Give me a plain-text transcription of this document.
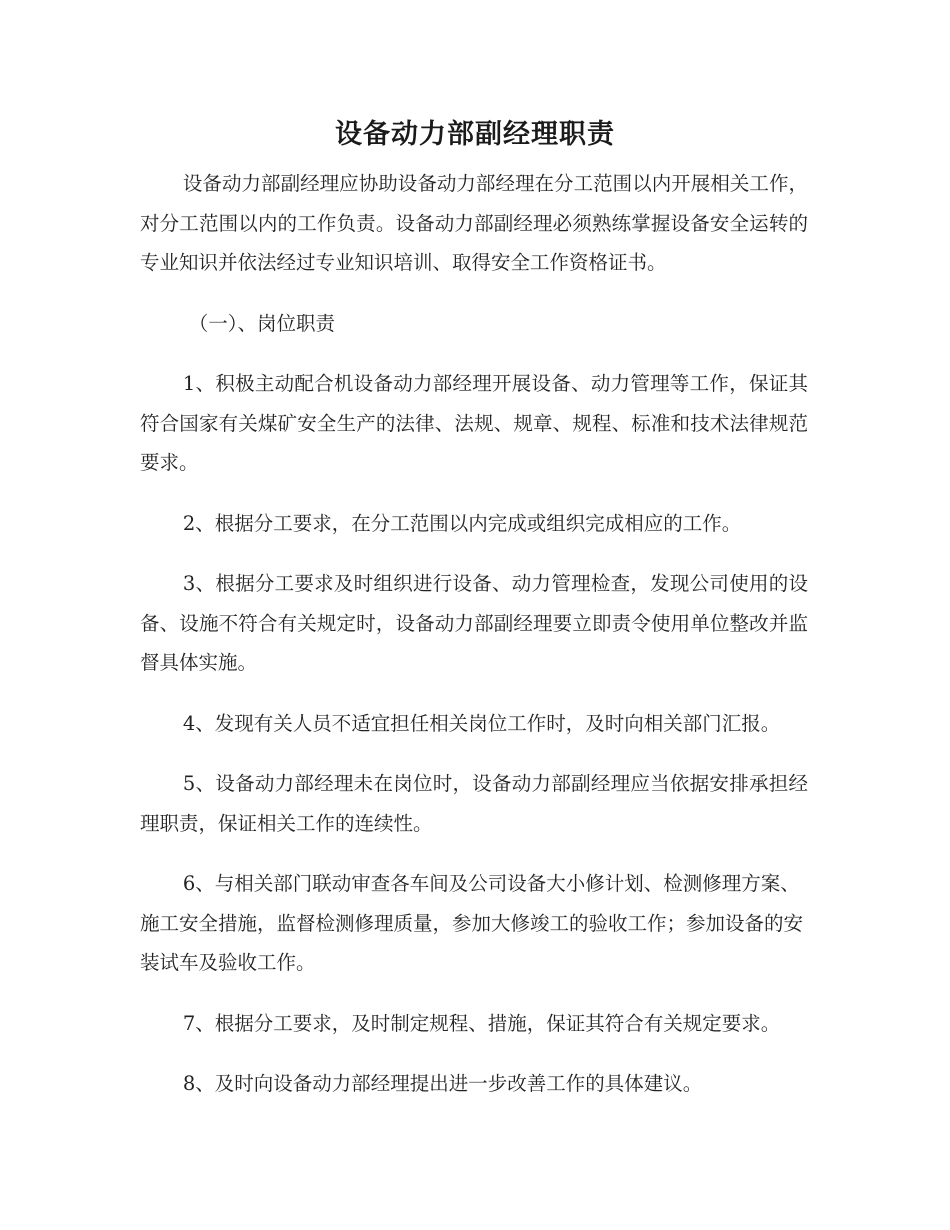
设备动力部副经理职责

设备动力部副经理应协助设备动力部经理在分工范围以内开展相关工作，对分工范围以内的工作负责。设备动力部副经理必须熟练掌握设备安全运转的专业知识并依法经过专业知识培训、取得安全工作资格证书。

（一）、岗位职责

1、积极主动配合机设备动力部经理开展设备、动力管理等工作，保证其符合国家有关煤矿安全生产的法律、法规、规章、规程、标准和技术法律规范要求。

2、根据分工要求，在分工范围以内完成或组织完成相应的工作。

3、根据分工要求及时组织进行设备、动力管理检查，发现公司使用的设备、设施不符合有关规定时，设备动力部副经理要立即责令使用单位整改并监督具体实施。

4、发现有关人员不适宜担任相关岗位工作时，及时向相关部门汇报。

5、设备动力部经理未在岗位时，设备动力部副经理应当依据安排承担经理职责，保证相关工作的连续性。

6、与相关部门联动审查各车间及公司设备大小修计划、检测修理方案、施工安全措施，监督检测修理质量，参加大修竣工的验收工作；参加设备的安装试车及验收工作。

7、根据分工要求，及时制定规程、措施，保证其符合有关规定要求。

8、及时向设备动力部经理提出进一步改善工作的具体建议。
